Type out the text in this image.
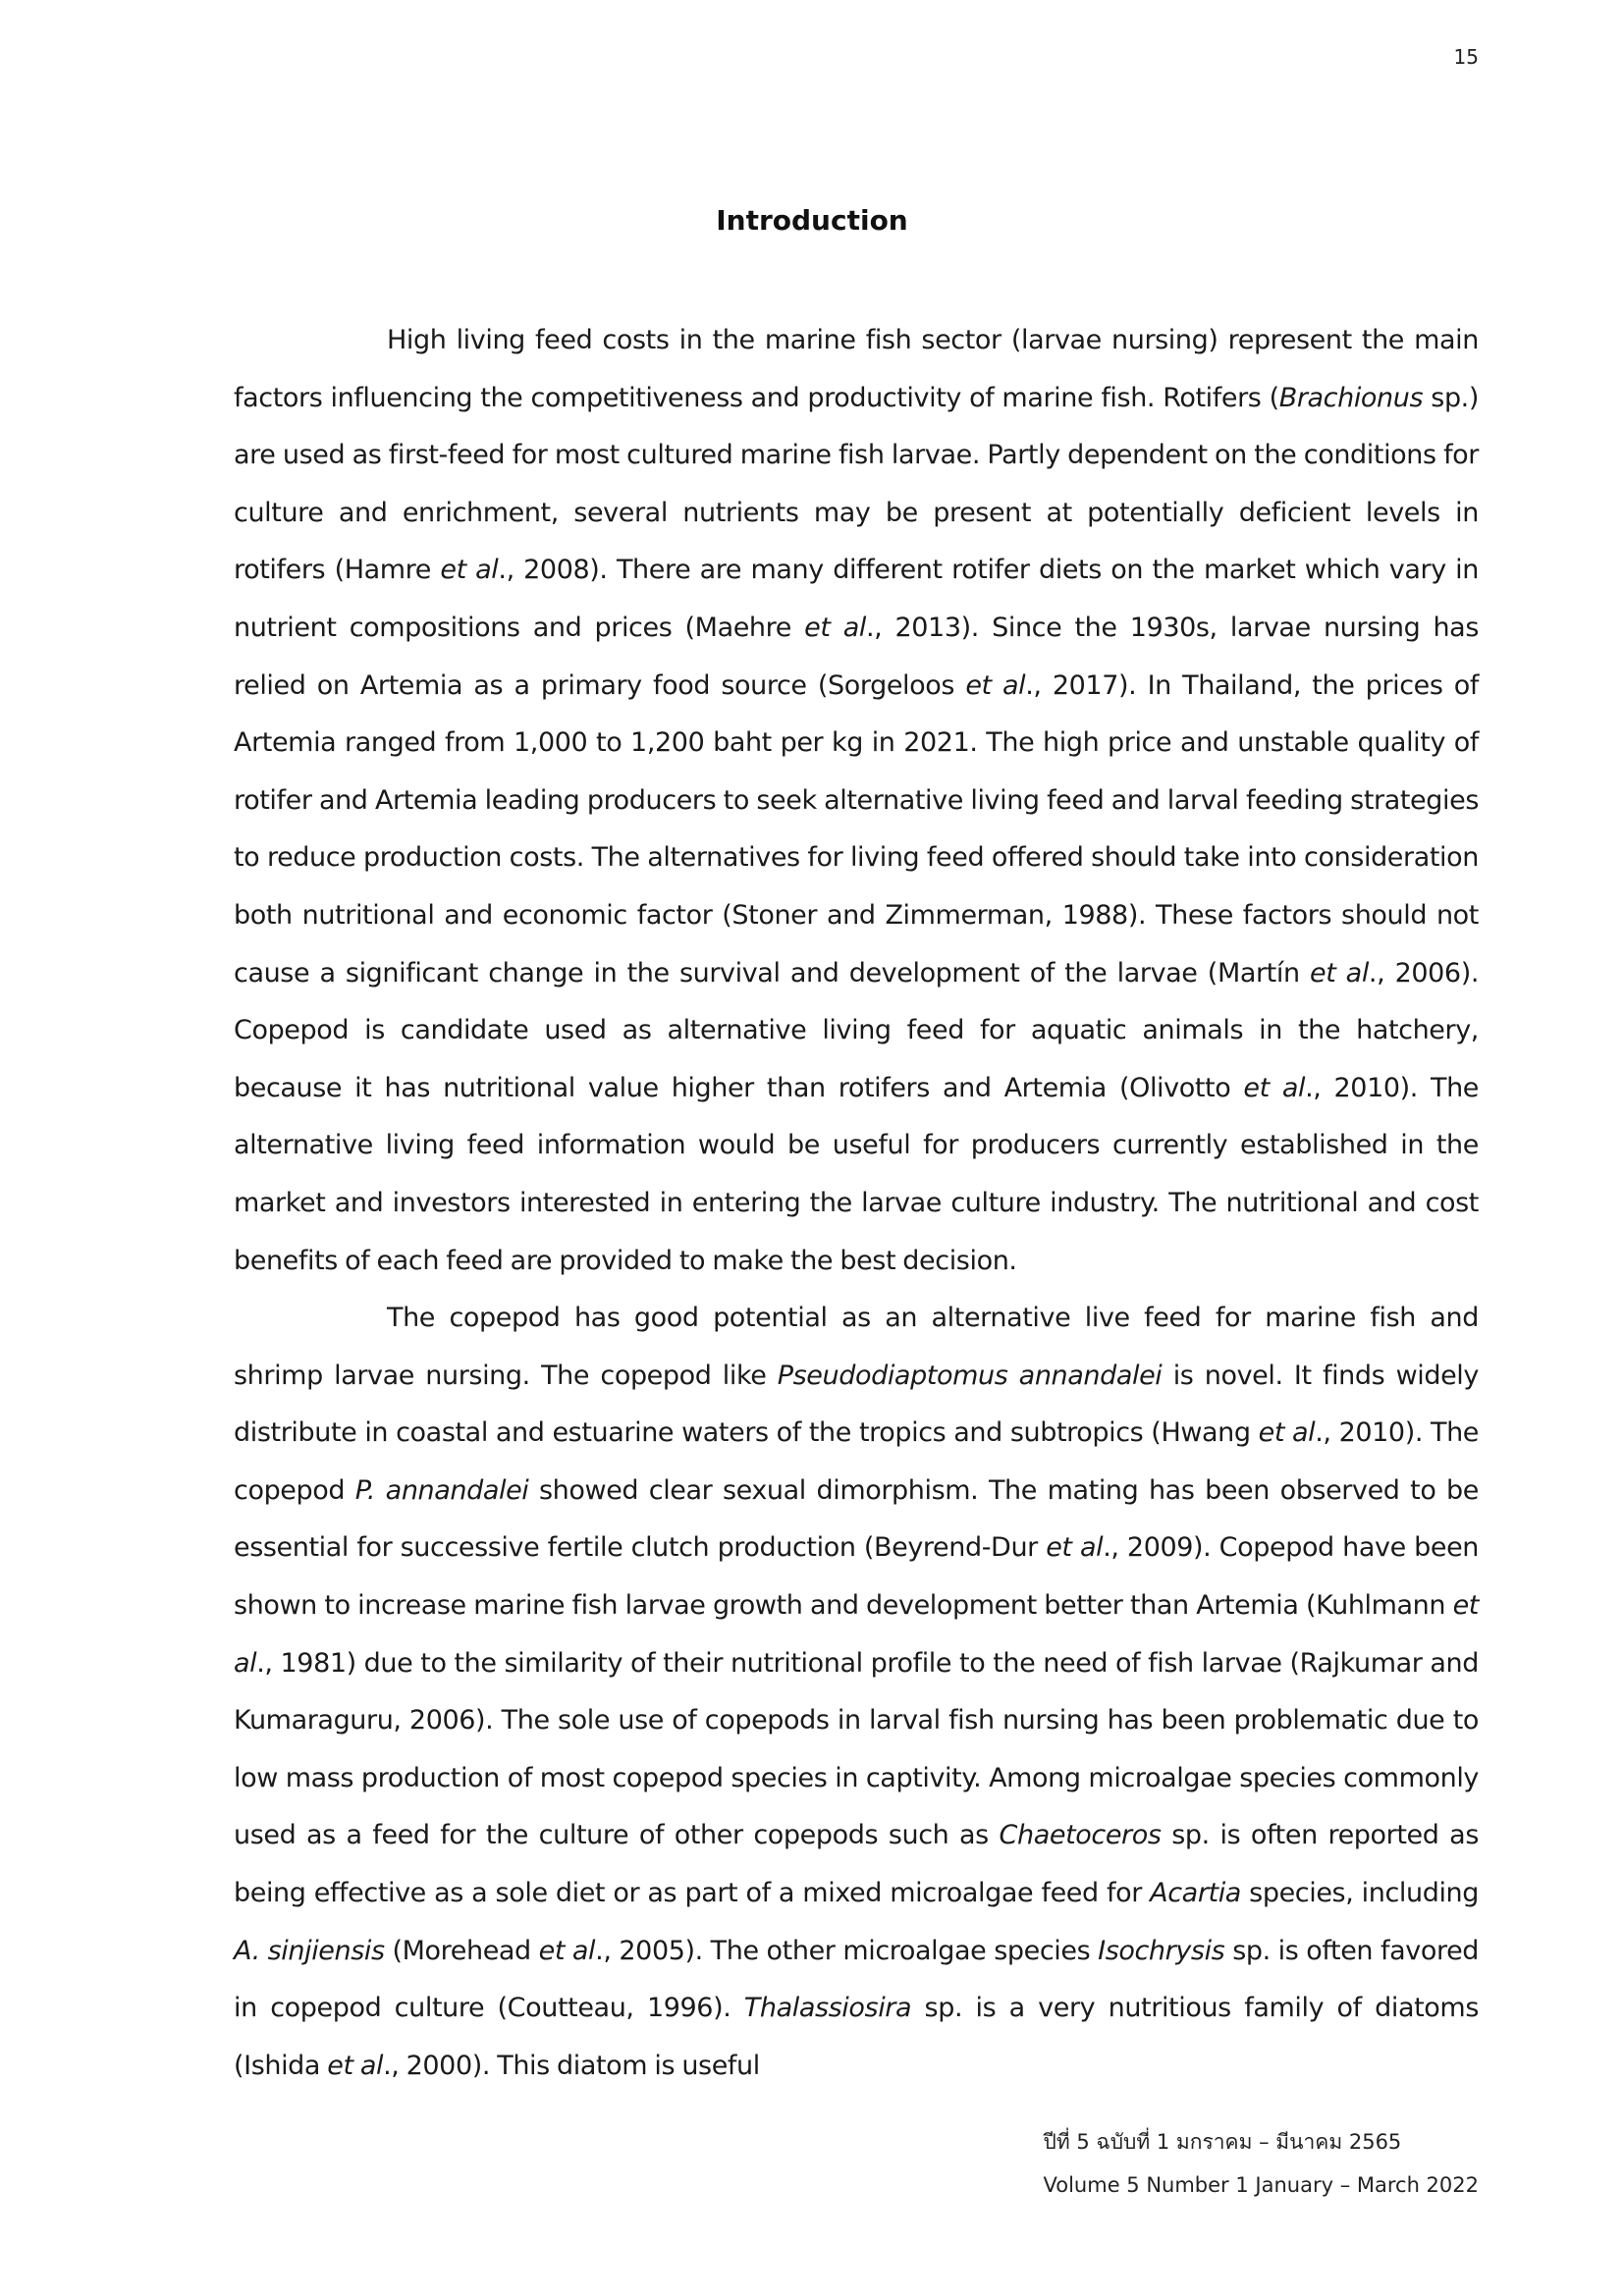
15
Introduction

High living feed costs in the marine fish sector (larvae nursing) represent the main factors influencing the competitiveness and productivity of marine fish. Rotifers (Brachionus sp.) are used as first-feed for most cultured marine fish larvae. Partly dependent on the conditions for culture and enrichment, several nutrients may be present at potentially deficient levels in rotifers (Hamre et al., 2008). There are many different rotifer diets on the market which vary in nutrient compositions and prices (Maehre et al., 2013). Since the 1930s, larvae nursing has relied on Artemia as a primary food source (Sorgeloos et al., 2017). In Thailand, the prices of Artemia ranged from 1,000 to 1,200 baht per kg in 2021. The high price and unstable quality of rotifer and Artemia leading producers to seek alternative living feed and larval feeding strategies to reduce production costs. The alternatives for living feed offered should take into consideration both nutritional and economic factor (Stoner and Zimmerman, 1988). These factors should not cause a significant change in the survival and development of the larvae (Martín et al., 2006). Copepod is candidate used as alternative living feed for aquatic animals in the hatchery, because it has nutritional value higher than rotifers and Artemia (Olivotto et al., 2010). The alternative living feed information would be useful for producers currently established in the market and investors interested in entering the larvae culture industry. The nutritional and cost benefits of each feed are provided to make the best decision.

The copepod has good potential as an alternative live feed for marine fish and shrimp larvae nursing. The copepod like Pseudodiaptomus annandalei is novel. It finds widely distribute in coastal and estuarine waters of the tropics and subtropics (Hwang et al., 2010). The copepod P. annandalei showed clear sexual dimorphism. The mating has been observed to be essential for successive fertile clutch production (Beyrend-Dur et al., 2009). Copepod have been shown to increase marine fish larvae growth and development better than Artemia (Kuhlmann et al., 1981) due to the similarity of their nutritional profile to the need of fish larvae (Rajkumar and Kumaraguru, 2006). The sole use of copepods in larval fish nursing has been problematic due to low mass production of most copepod species in captivity. Among microalgae species commonly used as a feed for the culture of other copepods such as Chaetoceros sp. is often reported as being effective as a sole diet or as part of a mixed microalgae feed for Acartia species, including A. sinjiensis (Morehead et al., 2005). The other microalgae species Isochrysis sp. is often favored in copepod culture (Coutteau, 1996). Thalassiosira sp. is a very nutritious family of diatoms (Ishida et al., 2000). This diatom is useful

ปีที่ 5 ฉบับที่ 1 มกราคม – มีนาคม 2565
Volume 5 Number 1 January – March 2022
